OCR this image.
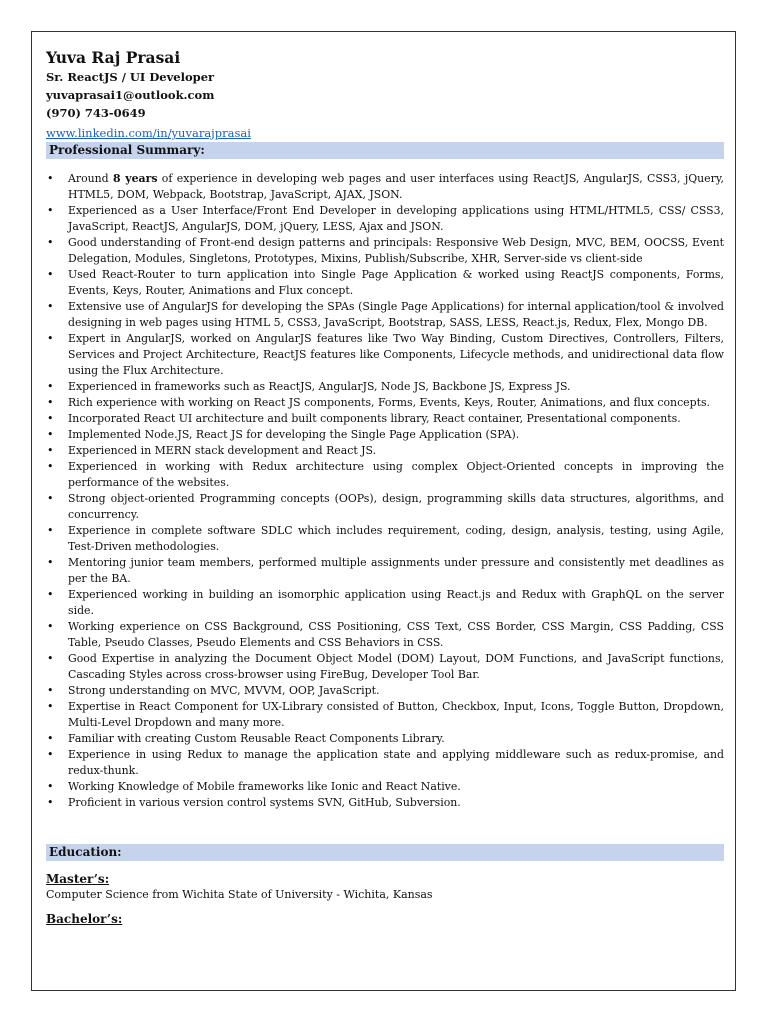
Yuva Raj Prasai
Sr. ReactJS / UI Developer
yuvaprasai1@outlook.com
(970) 743-0649
www.linkedin.com/in/yuvarajprasai
Professional Summary:
• Around 8 years of experience in developing web pages and user interfaces using ReactJS, AngularJS, CSS3, jQuery, HTML5, DOM, Webpack, Bootstrap, JavaScript, AJAX, JSON.
• Experienced as a User Interface/Front End Developer in developing applications using HTML/HTML5, CSS/ CSS3, JavaScript, ReactJS, AngularJS, DOM, jQuery, LESS, Ajax and JSON.
• Good understanding of Front-end design patterns and principals: Responsive Web Design, MVC, BEM, OOCSS, Event Delegation, Modules, Singletons, Prototypes, Mixins, Publish/Subscribe, XHR, Server-side vs client-side
• Used React-Router to turn application into Single Page Application & worked using ReactJS components, Forms, Events, Keys, Router, Animations and Flux concept.
• Extensive use of AngularJS for developing the SPAs (Single Page Applications) for internal application/tool & involved designing in web pages using HTML 5, CSS3, JavaScript, Bootstrap, SASS, LESS, React.js, Redux, Flex, Mongo DB.
• Expert in AngularJS, worked on AngularJS features like Two Way Binding, Custom Directives, Controllers, Filters, Services and Project Architecture, ReactJS features like Components, Lifecycle methods, and unidirectional data flow using the Flux Architecture.
• Experienced in frameworks such as ReactJS, AngularJS, Node JS, Backbone JS, Express JS.
• Rich experience with working on React JS components, Forms, Events, Keys, Router, Animations, and flux concepts.
• Incorporated React UI architecture and built components library, React container, Presentational components.
• Implemented Node.JS, React JS for developing the Single Page Application (SPA).
• Experienced in MERN stack development and React JS.
• Experienced in working with Redux architecture using complex Object-Oriented concepts in improving the performance of the websites.
• Strong object-oriented Programming concepts (OOPs), design, programming skills data structures, algorithms, and concurrency.
• Experience in complete software SDLC which includes requirement, coding, design, analysis, testing, using Agile, Test-Driven methodologies.
• Mentoring junior team members, performed multiple assignments under pressure and consistently met deadlines as per the BA.
• Experienced working in building an isomorphic application using React.js and Redux with GraphQL on the server side.
• Working experience on CSS Background, CSS Positioning, CSS Text, CSS Border, CSS Margin, CSS Padding, CSS Table, Pseudo Classes, Pseudo Elements and CSS Behaviors in CSS.
• Good Expertise in analyzing the Document Object Model (DOM) Layout, DOM Functions, and JavaScript functions, Cascading Styles across cross-browser using FireBug, Developer Tool Bar.
• Strong understanding on MVC, MVVM, OOP, JavaScript.
• Expertise in React Component for UX-Library consisted of Button, Checkbox, Input, Icons, Toggle Button, Dropdown, Multi-Level Dropdown and many more.
• Familiar with creating Custom Reusable React Components Library.
• Experience in using Redux to manage the application state and applying middleware such as redux-promise, and redux-thunk.
• Working Knowledge of Mobile frameworks like Ionic and React Native.
• Proficient in various version control systems SVN, GitHub, Subversion.
Education:
Master’s:
Computer Science from Wichita State of University - Wichita, Kansas
Bachelor’s:
